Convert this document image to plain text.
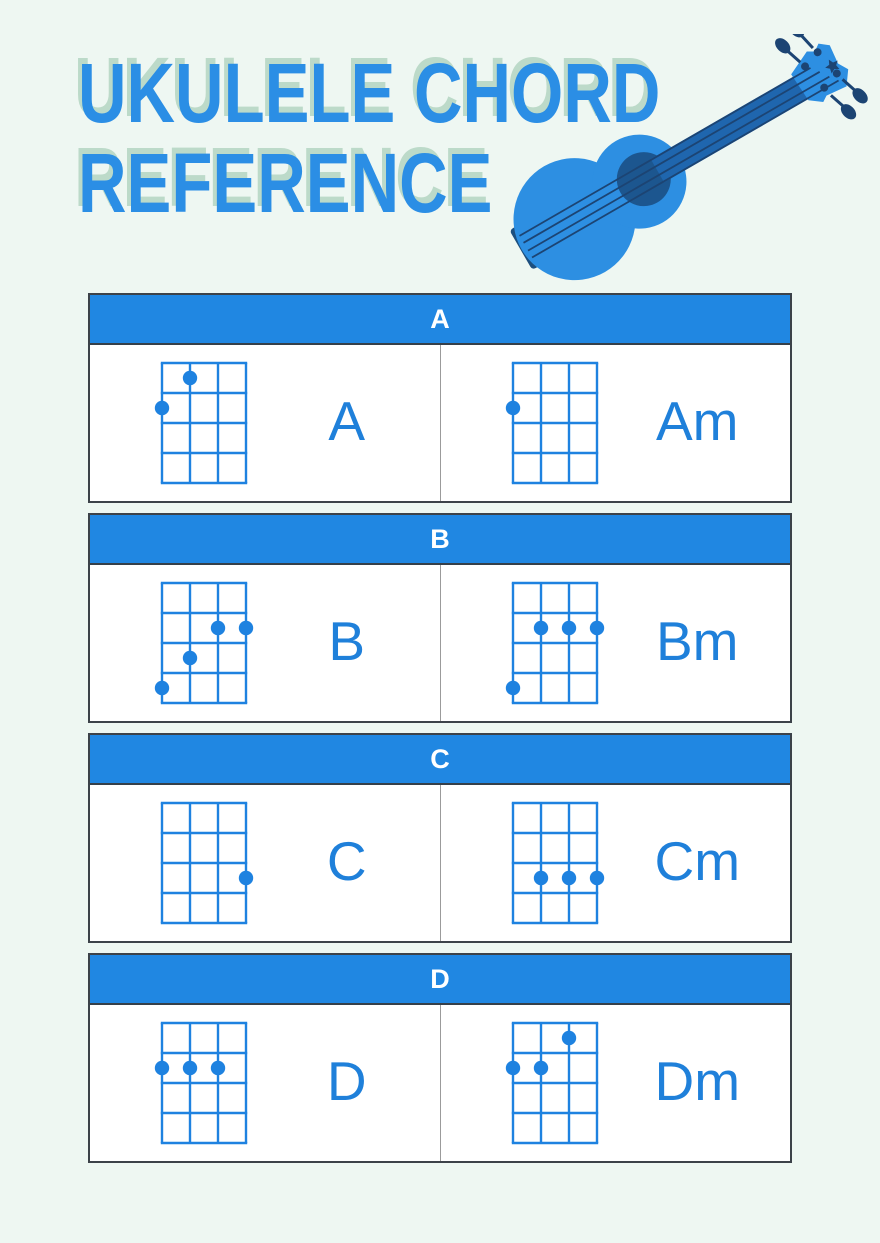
UKULELE CHORD
REFERENCE
A
A	Am
B
B	Bm
C
C	Cm
D
D	Dm
